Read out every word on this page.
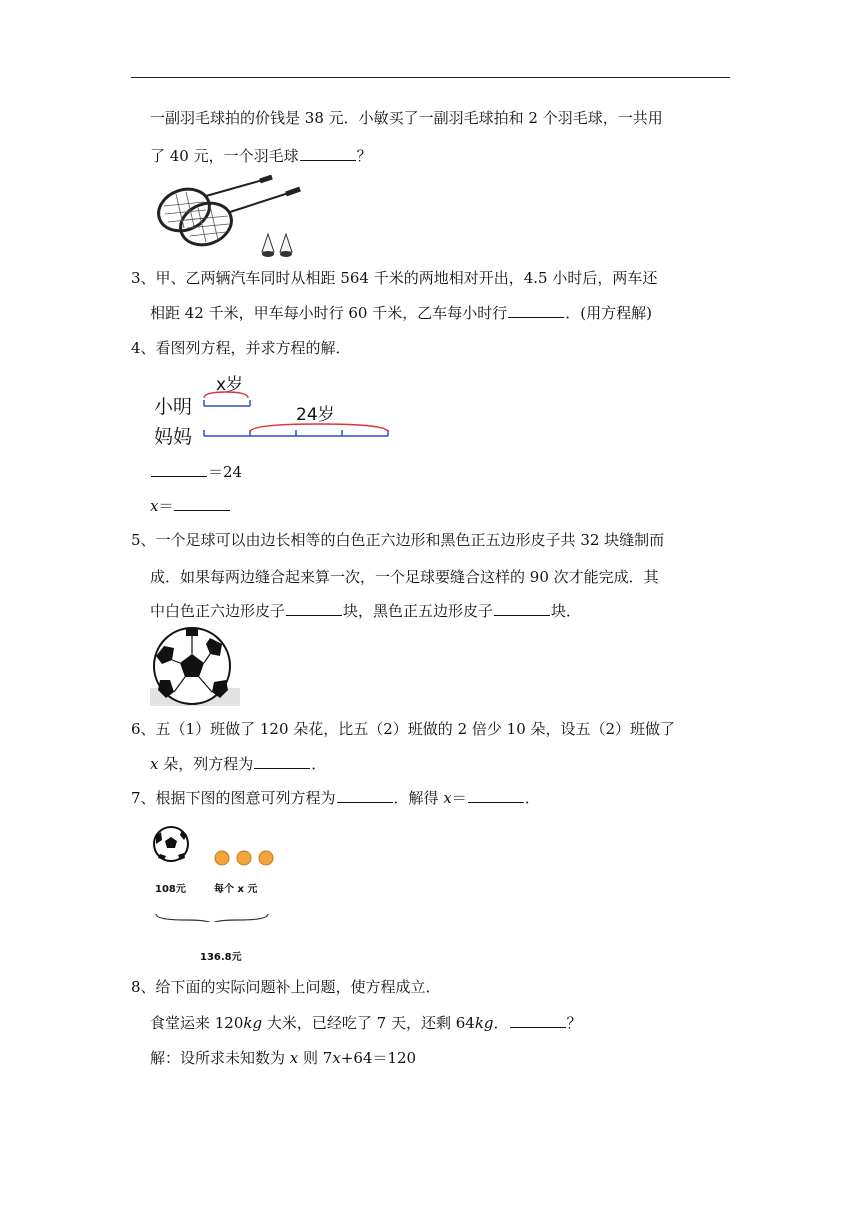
一副羽毛球拍的价钱是 38 元．小敏买了一副羽毛球拍和 2 个羽毛球，一共用
了 40 元，一个羽毛球	？
3、甲、乙两辆汽车同时从相距 564 千米的两地相对开出，4.5 小时后，两车还
相距 42 千米，甲车每小时行 60 千米，乙车每小时行	．(用方程解)
4、看图列方程，并求方程的解．
小明
妈妈
x岁
24岁
＝24
x＝
5、一个足球可以由边长相等的白色正六边形和黑色正五边形皮子共 32 块缝制而
成．如果每两边缝合起来算一次，一个足球要缝合这样的 90 次才能完成．其
中白色正六边形皮子	块，黑色正五边形皮子	块．
6、五（1）班做了 120 朵花，比五（2）班做的 2 倍少 10 朵，设五（2）班做了
x 朵，列方程为	．
7、根据下图的图意可列方程为	．解得 x＝	．
108元	每个 x 元
136.8元
8、给下面的实际问题补上问题，使方程成立．
食堂运来 120kg 大米，已经吃了 7 天，还剩 64kg．	？
解：设所求未知数为 x 则 7x+64＝120
